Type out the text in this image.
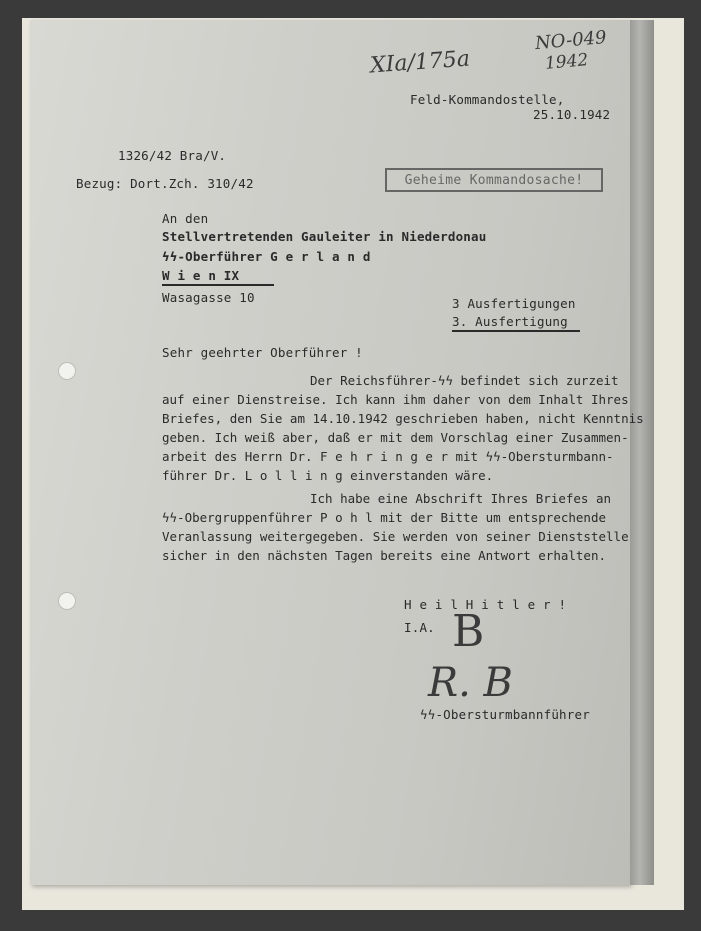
XIa/175a
NO-049
1942
Feld-Kommandostelle,
25.10.1942
1326/42 Bra/V.
Bezug: Dort.Zch. 310/42	Geheime Kommandosache!
An den
Stellvertretenden Gauleiter in Niederdonau
ϟϟ-Oberführer G e r l a n d
W i e n IX
Wasagasse 10	3 Ausfertigungen
3. Ausfertigung
Sehr geehrter Oberführer !

Der Reichsführer-ϟϟ befindet sich zurzeit

auf einer Dienstreise. Ich kann ihm daher von dem Inhalt Ihres

Briefes, den Sie am 14.10.1942 geschrieben haben, nicht Kenntnis

geben. Ich weiß aber, daß er mit dem Vorschlag einer Zusammen-

arbeit des Herrn Dr. F e h r i n g e r mit ϟϟ-Obersturmbann-

führer Dr. L o l l i n g einverstanden wäre.

Ich habe eine Abschrift Ihres Briefes an

ϟϟ-Obergruppenführer P o h l mit der Bitte um entsprechende

Veranlassung weitergegeben. Sie werden von seiner Dienststelle

sicher in den nächsten Tagen bereits eine Antwort erhalten.

H e i l H i t l e r !
I.A. B
R. B
ϟϟ-Obersturmbannführer
